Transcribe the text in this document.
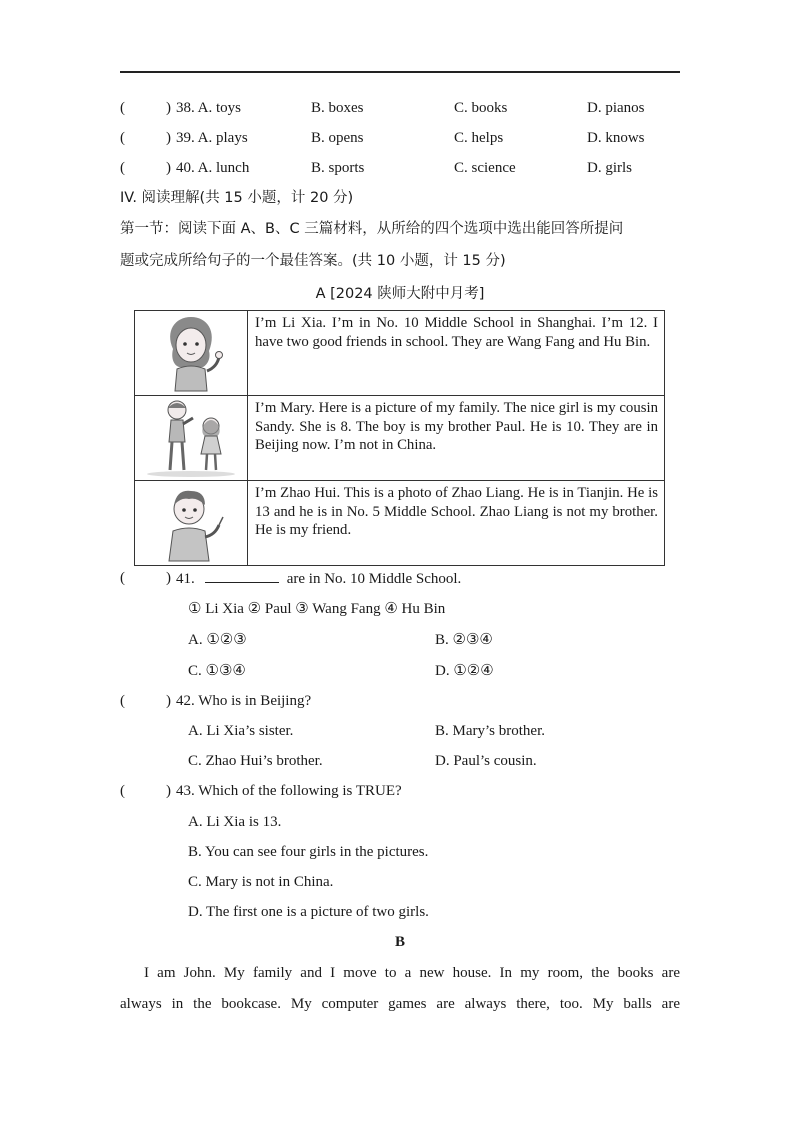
(	) 38. A. toys	B. boxes	C. books	D. pianos
(	) 39. A. plays	B. opens	C. helps	D. knows
(	) 40. A. lunch	B. sports	C. science	D. girls
IV. 阅读理解(共 15 小题，计 20 分)
第一节：阅读下面 A、B、C 三篇材料，从所给的四个选项中选出能回答所提问
题或完成所给句子的一个最佳答案。(共 10 小题，计 15 分)
A [2024 陕师大附中月考]
	I’m Li Xia. I’m in No. 10 Middle School in Shanghai. I’m 12. I have two good friends in school. They are Wang Fang and Hu Bin.

	I’m Mary. Here is a picture of my family. The nice girl is my cousin Sandy. She is 8. The boy is my brother Paul. He is 10. They are in Beijing now. I’m not in China.

	I’m Zhao Hui. This is a photo of Zhao Liang. He is in Tianjin. He is 13 and he is in No. 5 Middle School. Zhao Liang is not my brother. He is my friend.
(	) 41.	are in No. 10 Middle School.
① Li Xia ② Paul ③ Wang Fang ④ Hu Bin
A. ①②③	B. ②③④
C. ①③④	D. ①②④
(	) 42. Who is in Beijing?
A. Li Xia’s sister.	B. Mary’s brother.
C. Zhao Hui’s brother.	D. Paul’s cousin.
(	) 43. Which of the following is TRUE?
A. Li Xia is 13.
B. You can see four girls in the pictures.
C. Mary is not in China.
D. The first one is a picture of two girls.
B
I am John. My family and I move to a new house. In my room, the books are
always in the bookcase. My computer games are always there, too. My balls are
